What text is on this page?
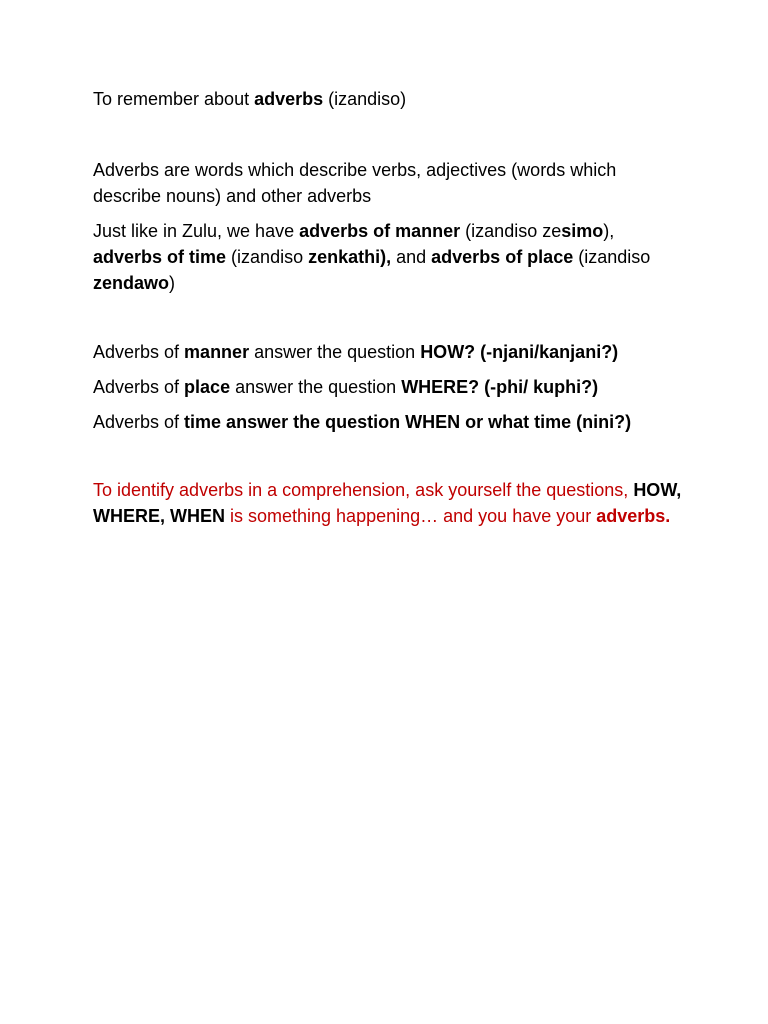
To remember about adverbs (izandiso)

Adverbs are words which describe verbs, adjectives (words which describe nouns) and other adverbs

Just like in Zulu, we have adverbs of manner (izandiso zesimo), adverbs of time (izandiso zenkathi), and adverbs of place (izandiso zendawo)

Adverbs of manner answer the question HOW? (-njani/kanjani?)

Adverbs of place answer the question WHERE? (-phi/ kuphi?)

Adverbs of time answer the question WHEN or what time (nini?)

To identify adverbs in a comprehension, ask yourself the questions, HOW, WHERE, WHEN is something happening… and you have your adverbs.
